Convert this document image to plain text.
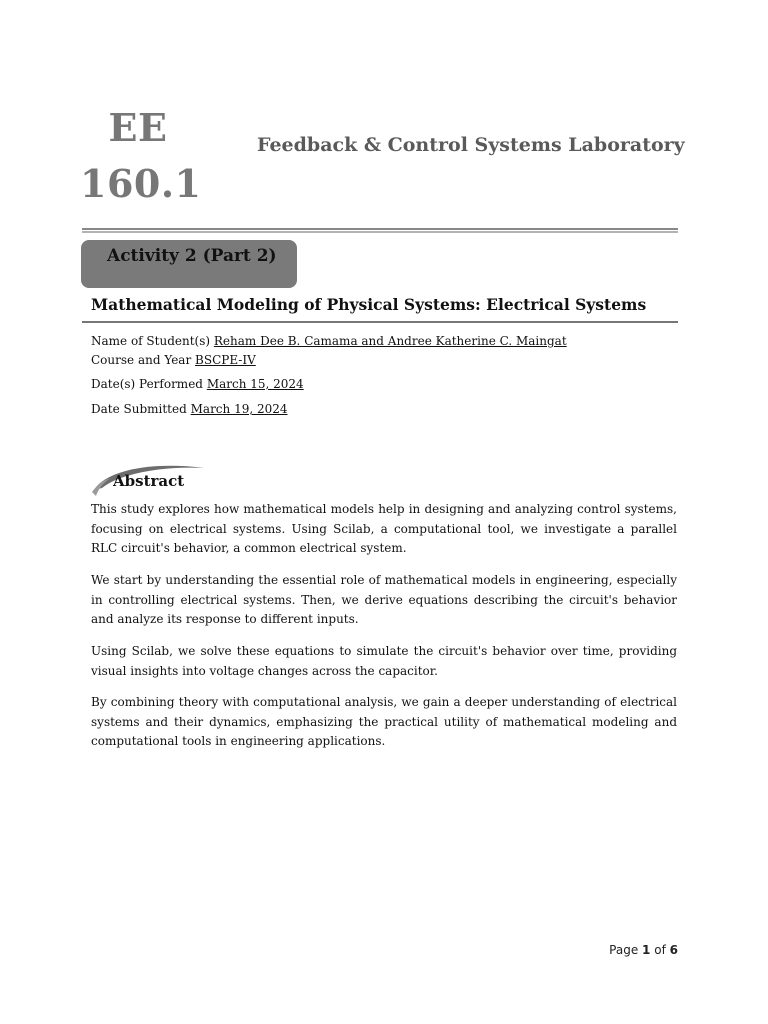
EE
160.1
Feedback & Control Systems Laboratory
Activity 2 (Part 2)
Mathematical Modeling of Physical Systems: Electrical Systems
Name of Student(s) Reham Dee B. Camama and Andree Katherine C. Maingat
Course and Year BSCPE-IV
Date(s) Performed March 15, 2024
Date Submitted March 19, 2024
Abstract

This study explores how mathematical models help in designing and analyzing control systems, focusing on electrical systems. Using Scilab, a computational tool, we investigate a parallel RLC circuit's behavior, a common electrical system.

We start by understanding the essential role of mathematical models in engineering, especially in controlling electrical systems. Then, we derive equations describing the circuit's behavior and analyze its response to different inputs.

Using Scilab, we solve these equations to simulate the circuit's behavior over time, providing visual insights into voltage changes across the capacitor.

By combining theory with computational analysis, we gain a deeper understanding of electrical systems and their dynamics, emphasizing the practical utility of mathematical modeling and computational tools in engineering applications.

Page 1 of 6
